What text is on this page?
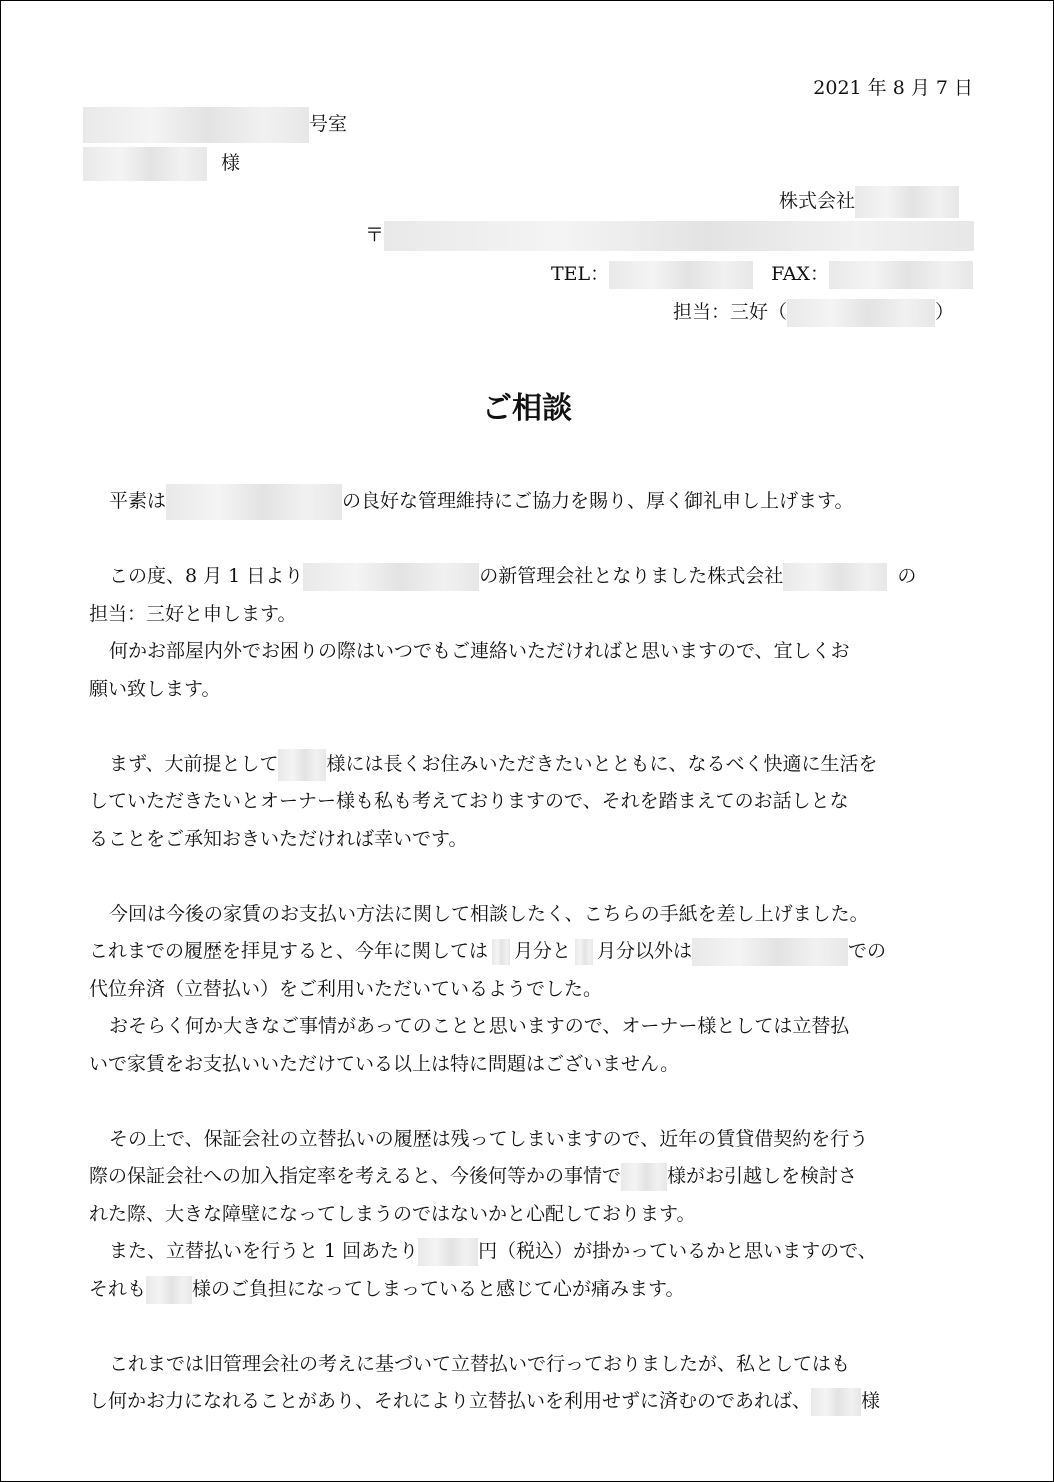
2021 年 8 月 7 日
号室
様
株式会社
〒
TEL：	FAX：
担当：三好（	）
ご相談
平素は	の良好な管理維持にご協力を賜り、厚く御礼申し上げます。
この度、8 月 1 日より	の新管理会社となりました株式会社	の
担当：三好と申します。
何かお部屋内外でお困りの際はいつでもご連絡いただければと思いますので、宜しくお
願い致します。
まず、大前提として	様には長くお住みいただきたいとともに、なるべく快適に生活を
していただきたいとオーナー様も私も考えておりますので、それを踏まえてのお話しとな
ることをご承知おきいただければ幸いです。
今回は今後の家賃のお支払い方法に関して相談したく、こちらの手紙を差し上げました。
これまでの履歴を拝見すると、今年に関しては 月分と 月分以外は	での
代位弁済（立替払い）をご利用いただいているようでした。
おそらく何か大きなご事情があってのことと思いますので、オーナー様としては立替払
いで家賃をお支払いいただけている以上は特に問題はございません。
その上で、保証会社の立替払いの履歴は残ってしまいますので、近年の賃貸借契約を行う
際の保証会社への加入指定率を考えると、今後何等かの事情で 様がお引越しを検討さ
れた際、大きな障壁になってしまうのではないかと心配しております。
また、立替払いを行うと 1 回あたり	円（税込）が掛かっているかと思いますので、
それも 様のご負担になってしまっていると感じて心が痛みます。
これまでは旧管理会社の考えに基づいて立替払いで行っておりましたが、私としてはも
し何かお力になれることがあり、それにより立替払いを利用せずに済むのであれば、	様
